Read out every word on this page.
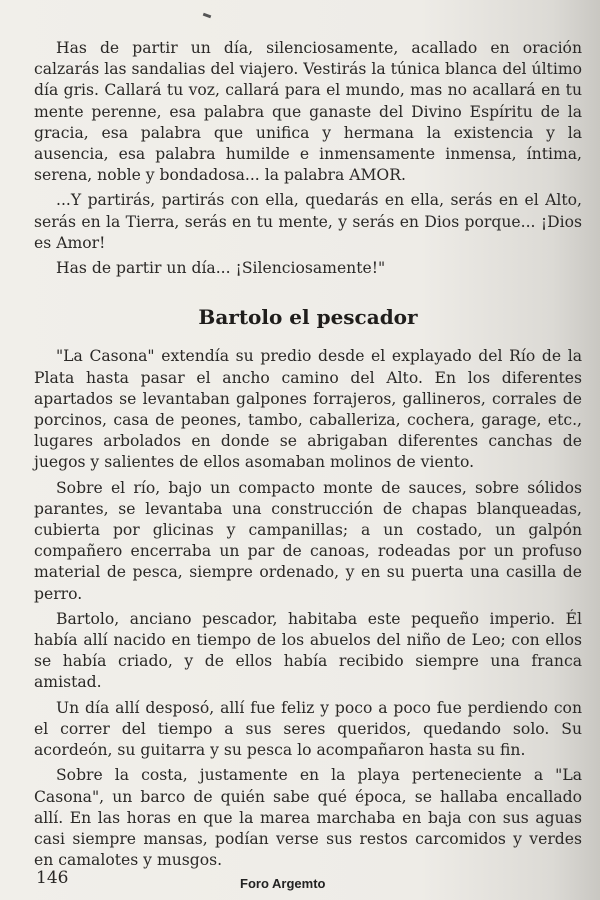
Has de partir un día, silenciosamente, acallado en oración calzarás las sandalias del viajero. Vestirás la túnica blanca del último día gris. Callará tu voz, callará para el mundo, mas no acallará en tu mente perenne, esa palabra que ganaste del Divino Espíritu de la gracia, esa palabra que unifica y hermana la existencia y la ausencia, esa palabra humilde e inmensamente inmensa, íntima, serena, noble y bondadosa... la palabra AMOR.

...Y partirás, partirás con ella, quedarás en ella, serás en el Alto, serás en la Tierra, serás en tu mente, y serás en Dios porque... ¡Dios es Amor!

Has de partir un día... ¡Silenciosamente!"

Bartolo el pescador

"La Casona" extendía su predio desde el explayado del Río de la Plata hasta pasar el ancho camino del Alto. En los diferentes apartados se levantaban galpones forrajeros, gallineros, corrales de porcinos, casa de peones, tambo, caballeriza, cochera, garage, etc., lugares arbolados en donde se abrigaban diferentes canchas de juegos y salientes de ellos asomaban molinos de viento.

Sobre el río, bajo un compacto monte de sauces, sobre sólidos parantes, se levantaba una construcción de chapas blanqueadas, cubierta por glicinas y campanillas; a un costado, un galpón compañero encerraba un par de canoas, rodeadas por un profuso material de pesca, siempre ordenado, y en su puerta una casilla de perro.

Bartolo, anciano pescador, habitaba este pequeño imperio. Él había allí nacido en tiempo de los abuelos del niño de Leo; con ellos se había criado, y de ellos había recibido siempre una franca amistad.

Un día allí desposó, allí fue feliz y poco a poco fue perdiendo con el correr del tiempo a sus seres queridos, quedando solo. Su acordeón, su guitarra y su pesca lo acompañaron hasta su fin.

Sobre la costa, justamente en la playa perteneciente a "La Casona", un barco de quién sabe qué época, se hallaba encallado allí. En las horas en que la marea marchaba en baja con sus aguas casi siempre mansas, podían verse sus restos carcomidos y verdes en camalotes y musgos.

146	Foro Argemto
